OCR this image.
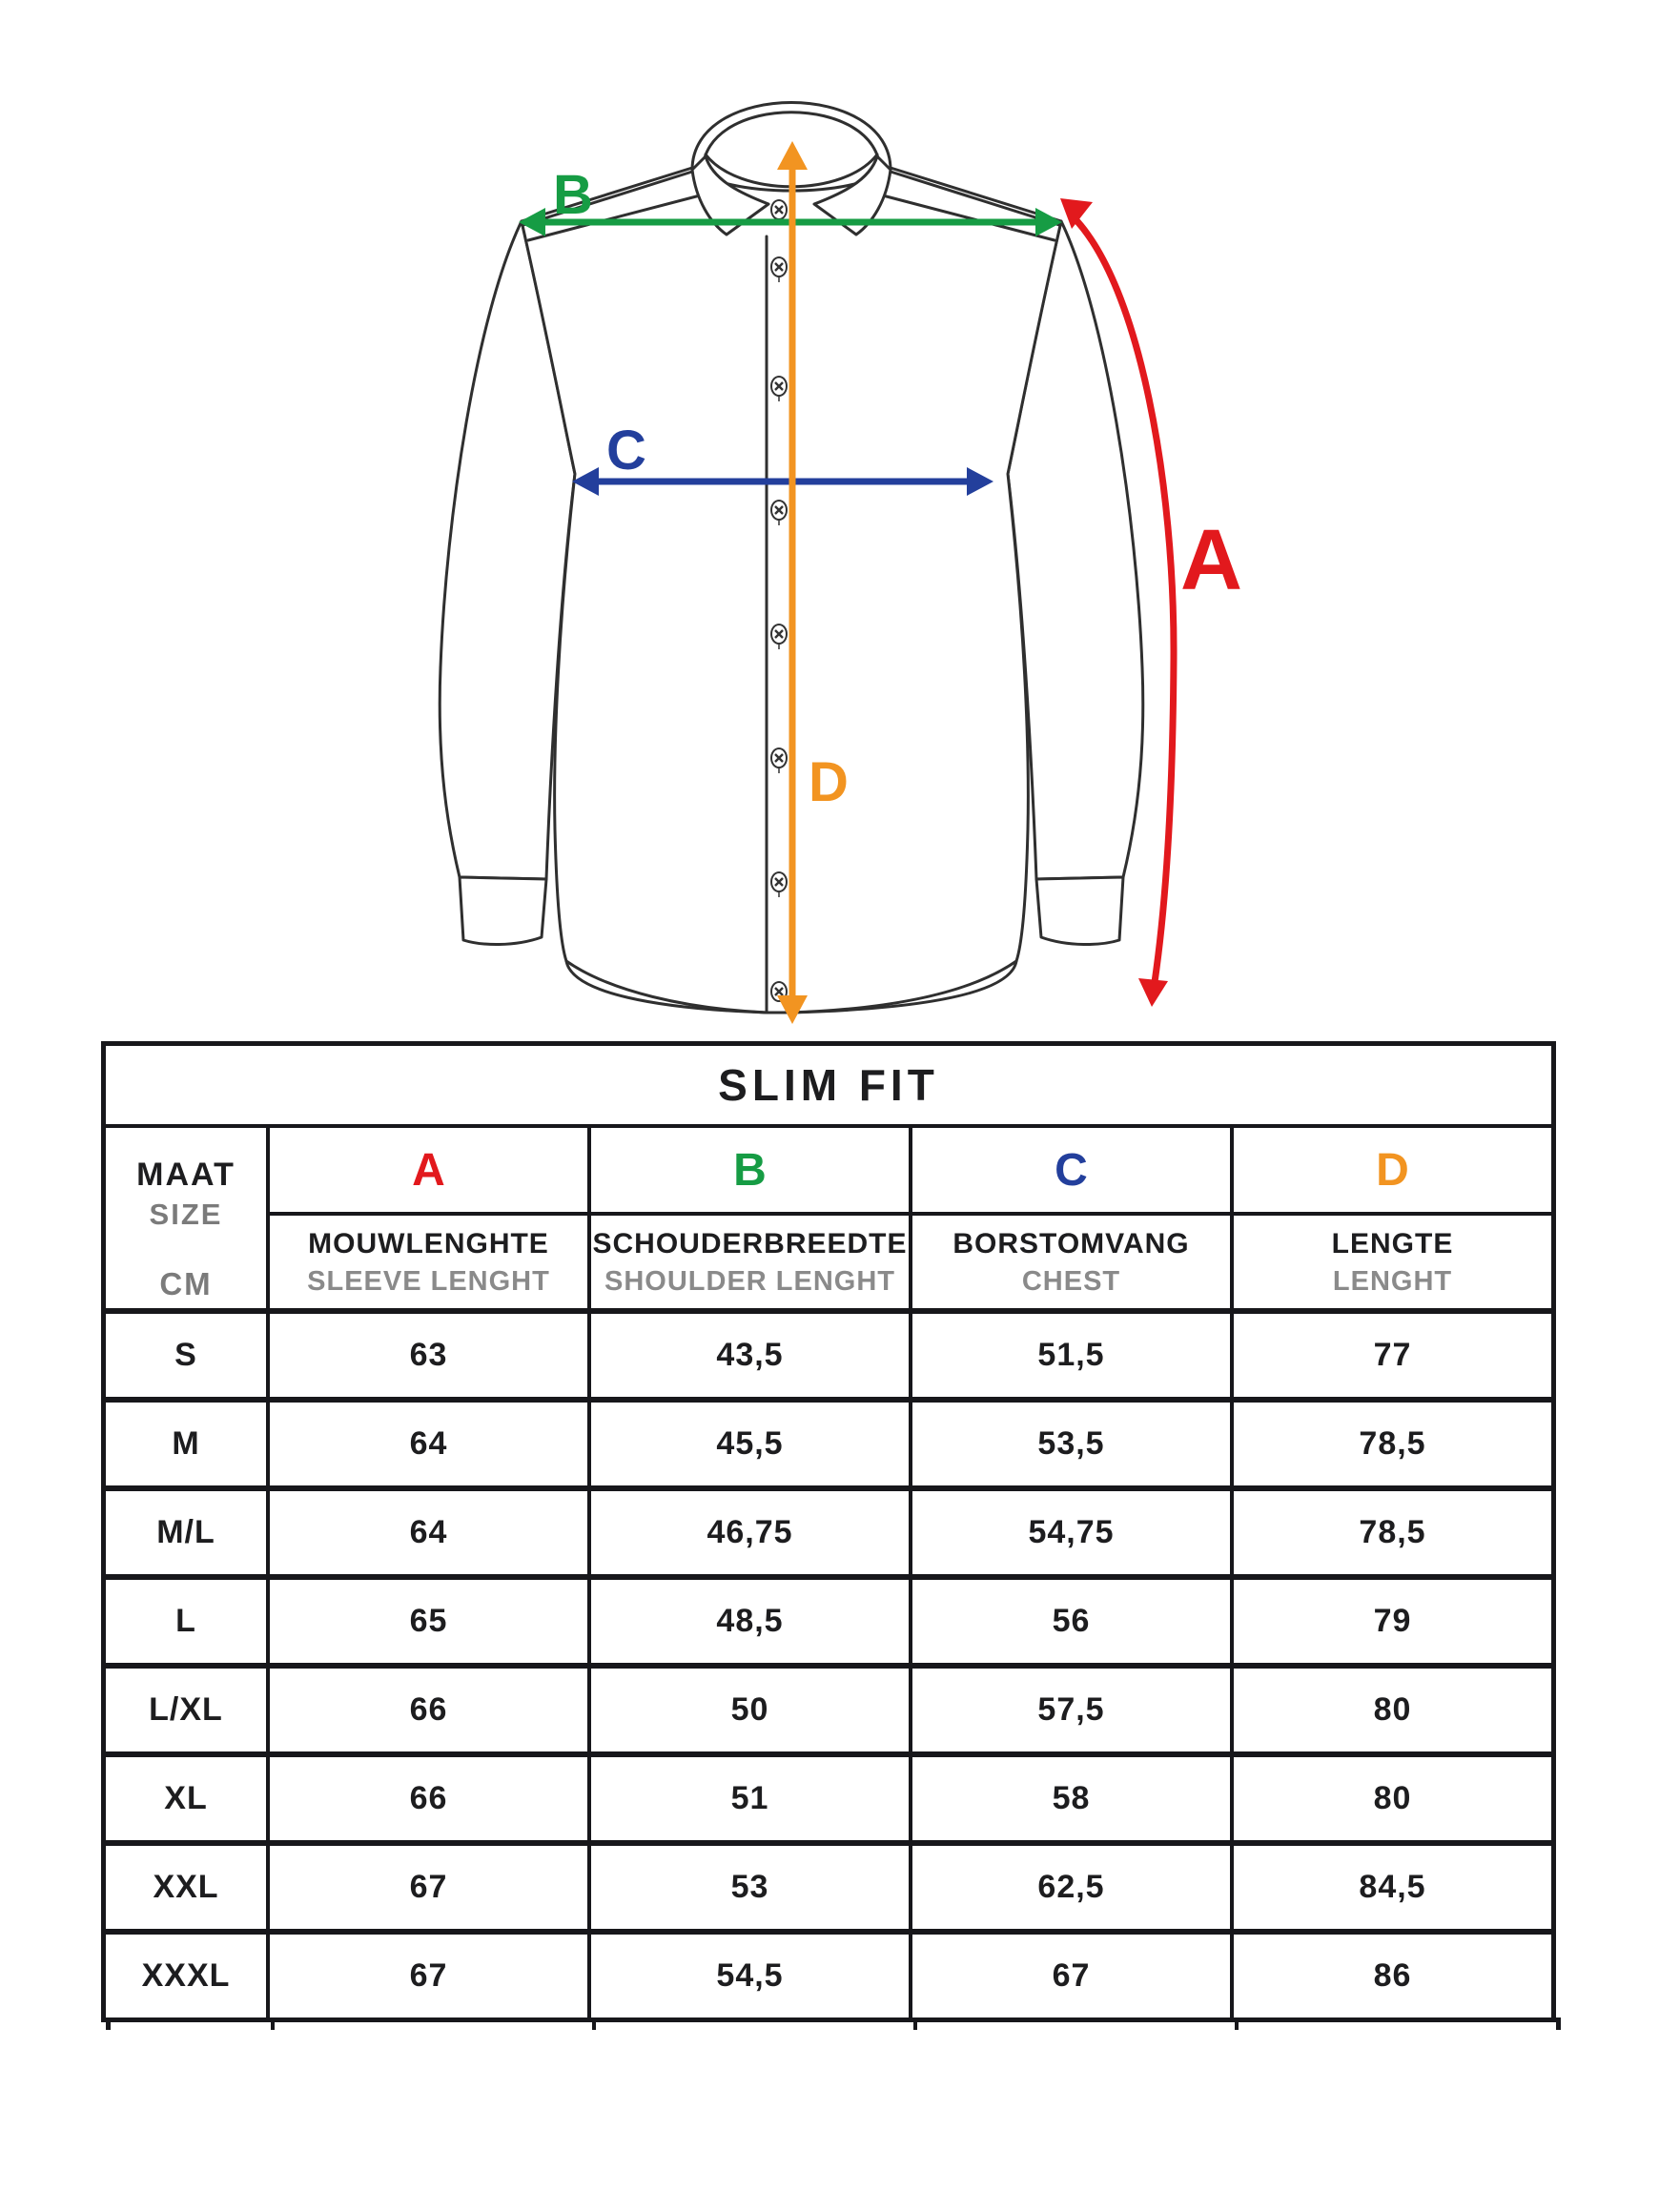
B
C
D
A
SLIM FIT
MAAT
SIZE
CM
A	B	C	D
MOUWLENGHTE
SLEEVE LENGHT
SCHOUDERBREEDTE
SHOULDER LENGHT
BORSTOMVANG
CHEST
LENGTE
LENGHT
S	63	43,5	51,5	77
M	64	45,5	53,5	78,5
M/L	64	46,75	54,75	78,5
L	65	48,5	56	79
L/XL	66	50	57,5	80
XL	66	51	58	80
XXL	67	53	62,5	84,5
XXXL	67	54,5	67	86
